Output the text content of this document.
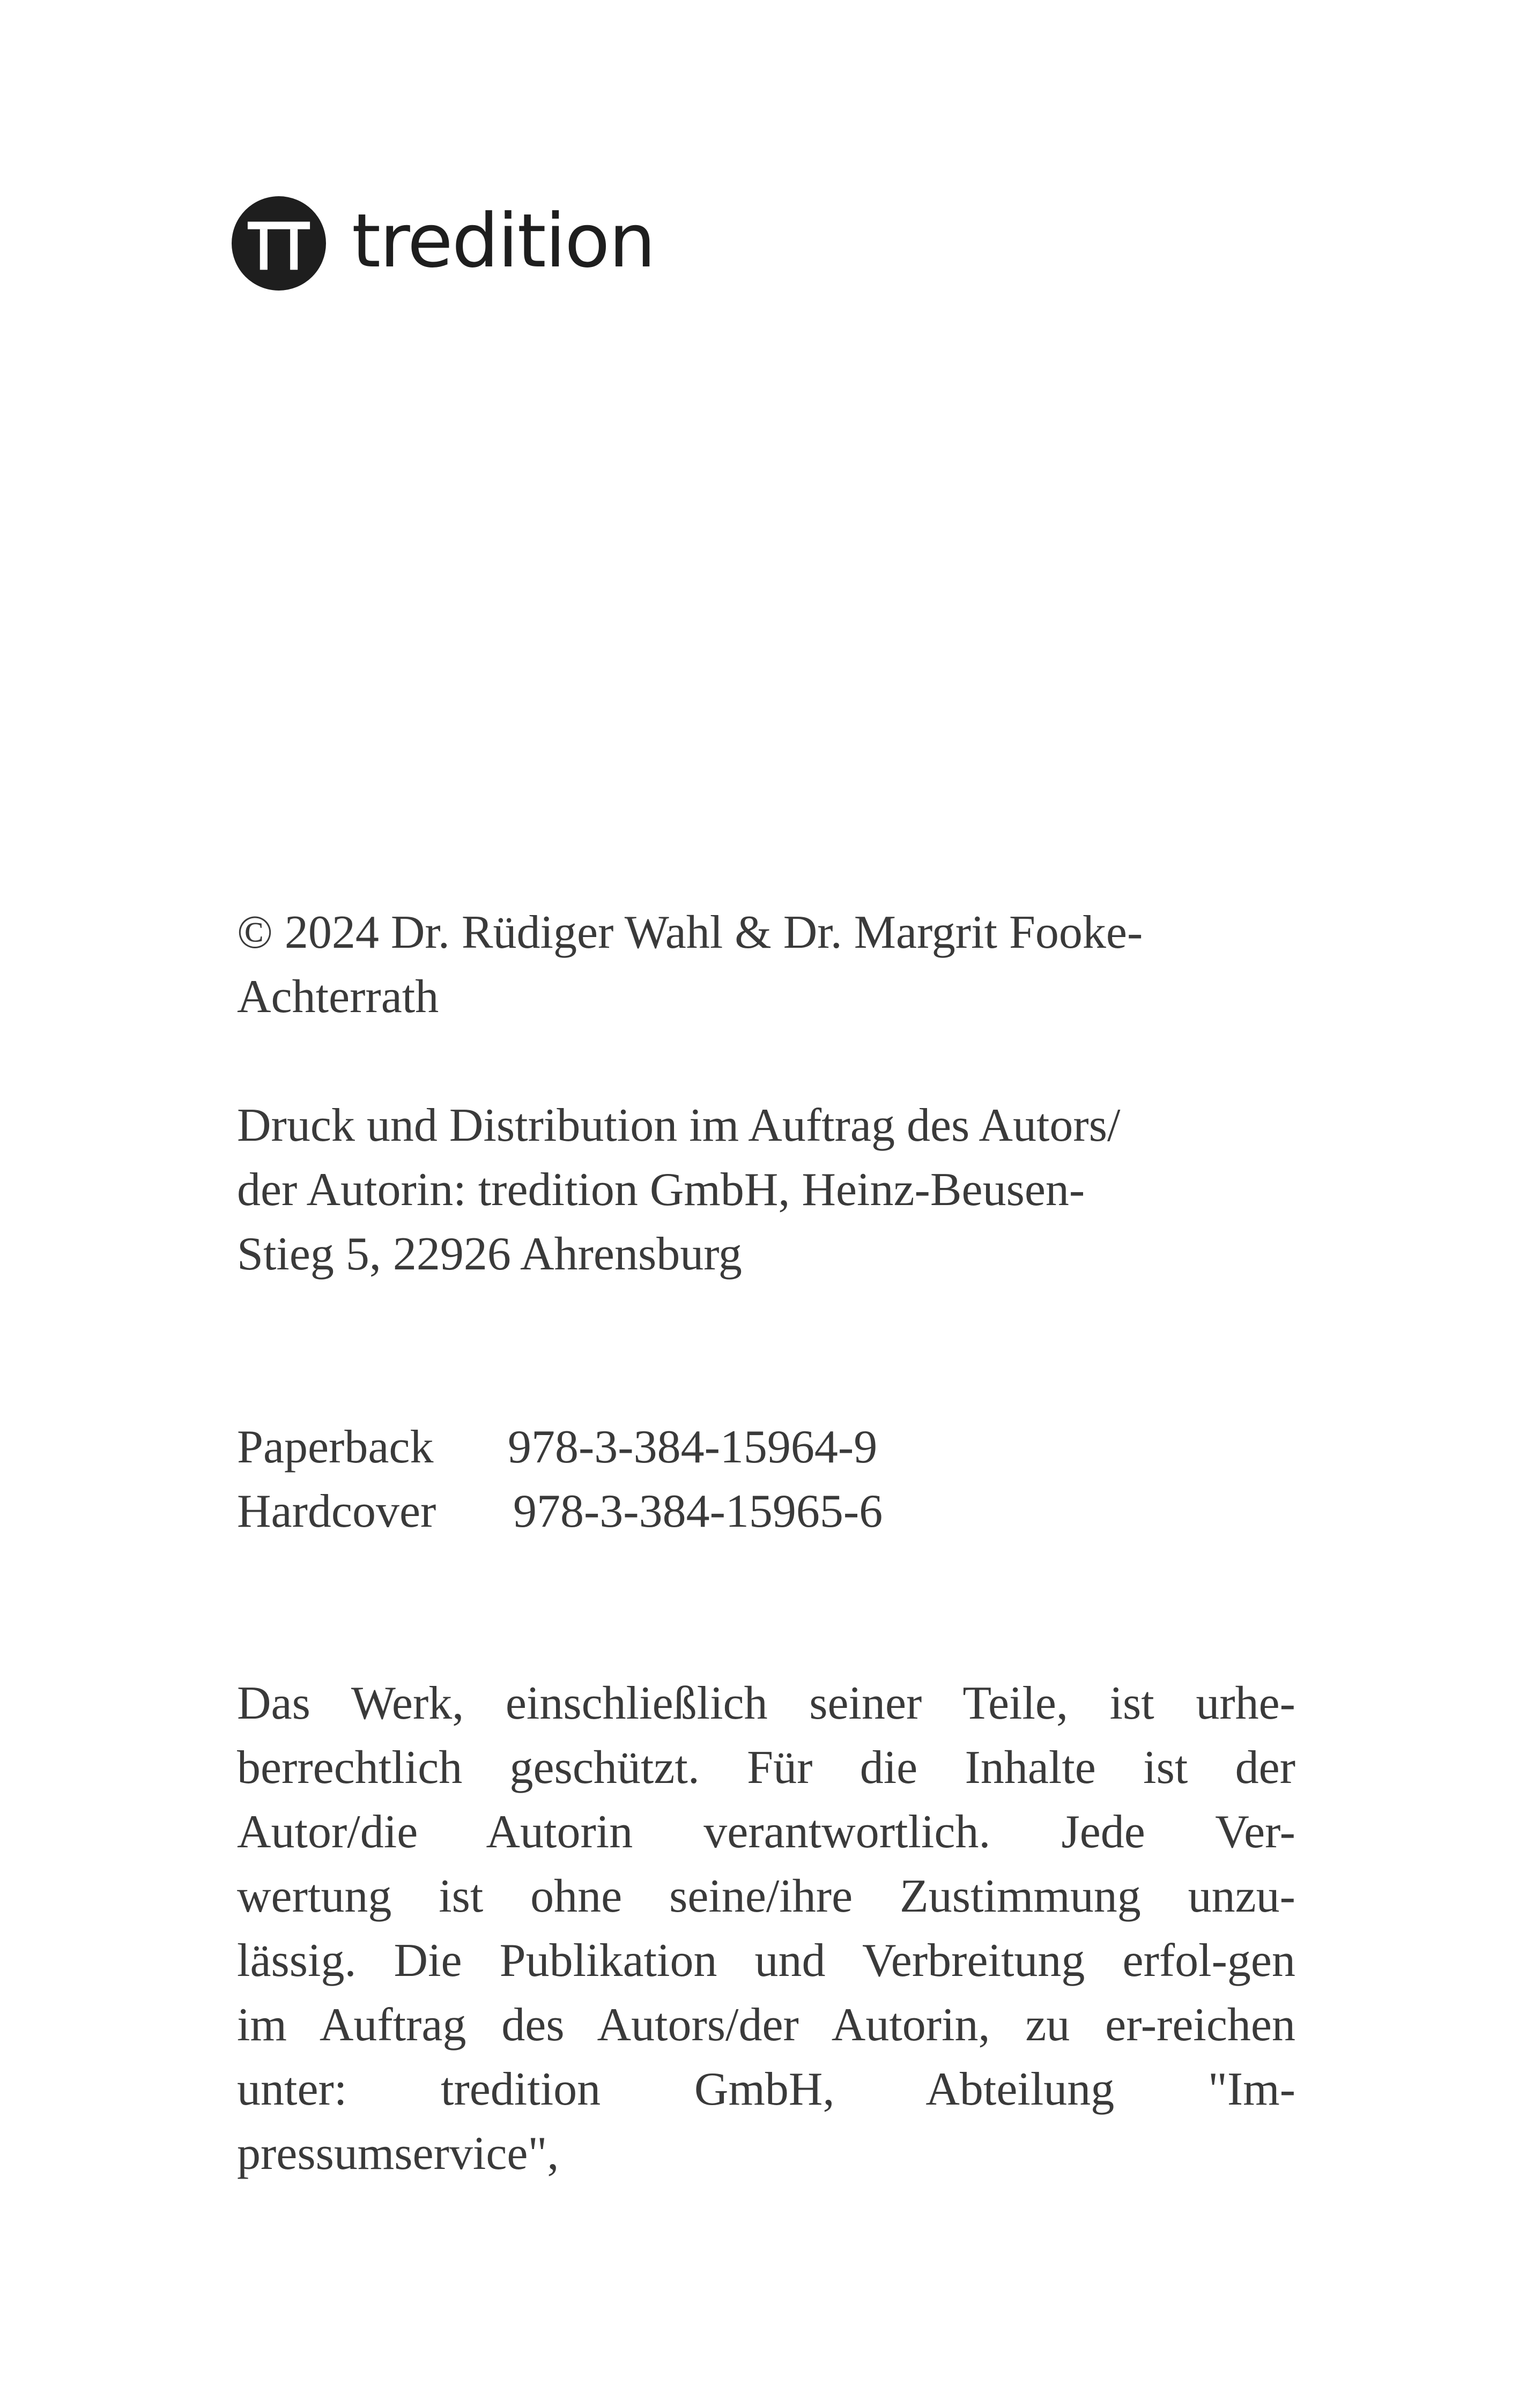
tredition
© 2024 Dr. Rüdiger Wahl & Dr. Margrit Fooke-
Achterrath
Druck und Distribution im Auftrag des Autors/
der Autorin: tredition GmbH, Heinz-Beusen-
Stieg 5, 22926 Ahrensburg
Paperback 978-3-384-15964-9
Hardcover 978-3-384-15965-6
Das Werk, einschließlich seiner Teile, ist urhe-
berrechtlich geschützt. Für die Inhalte ist der
Autor/die Autorin verantwortlich. Jede Ver-
wertung ist ohne seine/ihre Zustimmung unzu-
lässig. Die Publikation und Verbreitung erfol-gen
im Auftrag des Autors/der Autorin, zu er-reichen
unter: tredition GmbH, Abteilung "Im-
pressumservice",
